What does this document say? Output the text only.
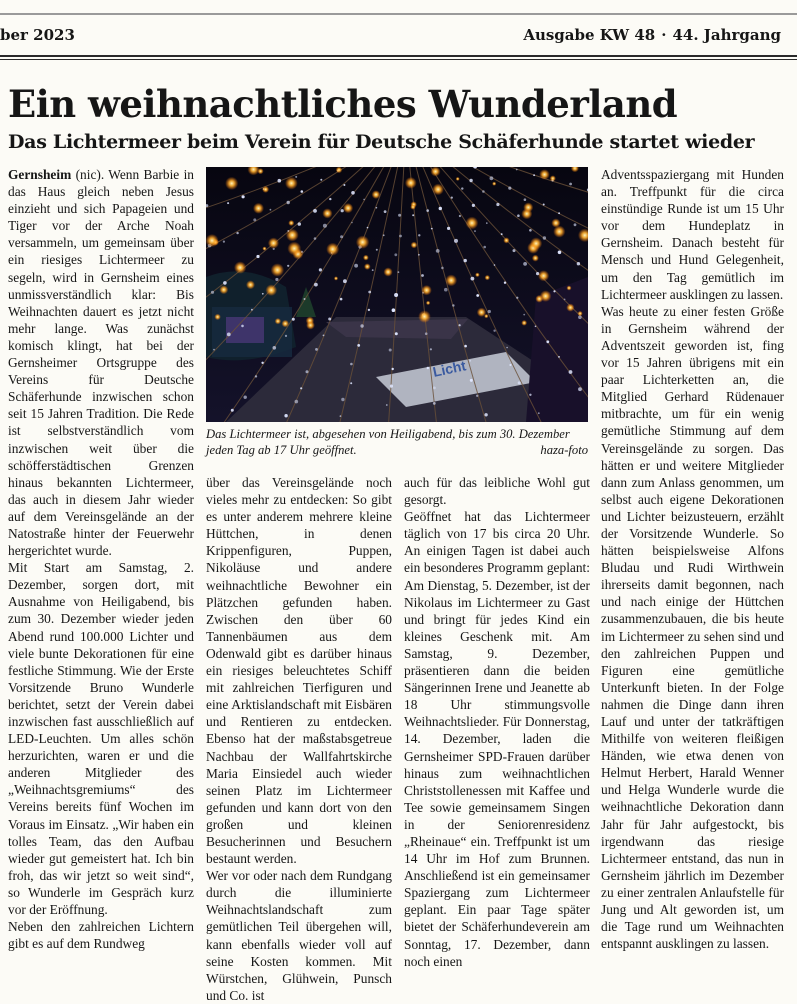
ber 2023	Ausgabe KW 48 · 44. Jahrgang
Ein weihnachtliches Wunderland
Das Lichtermeer beim Verein für Deutsche Schäferhunde startet wieder

Gernsheim (nic). Wenn Barbie in das Haus gleich neben Jesus einzieht und sich Papageien und Tiger vor der Arche Noah versammeln, um gemeinsam über ein riesiges Lichtermeer zu segeln, wird in Gernsheim eines unmissverständlich klar: Bis Weihnachten dauert es jetzt nicht mehr lange. Was zunächst komisch klingt, hat bei der Gernsheimer Ortsgruppe des Vereins für Deutsche Schäferhunde inzwischen schon seit 15 Jahren Tradition. Die Rede ist selbstverständlich vom inzwischen weit über die schöfferstädtischen Grenzen hinaus bekannten Lichtermeer, das auch in diesem Jahr wieder auf dem Vereinsgelände an der Natostraße hinter der Feuerwehr hergerichtet wurde.

Mit Start am Samstag, 2. Dezember, sorgen dort, mit Ausnahme von Heiligabend, bis zum 30. Dezember wieder jeden Abend rund 100.000 Lichter und viele bunte Dekorationen für eine festliche Stimmung. Wie der Erste Vorsitzende Bruno Wunderle berichtet, setzt der Verein dabei inzwischen fast ausschließlich auf LED-Leuchten. Um alles schön herzurichten, waren er und die anderen Mitglieder des „Weihnachtsgremiums“ des Vereins bereits fünf Wochen im Voraus im Einsatz. „Wir haben ein tolles Team, das den Aufbau wieder gut gemeistert hat. Ich bin froh, das wir jetzt so weit sind“, so Wunderle im Gespräch kurz vor der Eröffnung.

Neben den zahlreichen Lichtern gibt es auf dem Rundweg

Licht
Das Lichtermeer ist, abgesehen von Heiligabend, bis zum 30. Dezember jeden Tag ab 17 Uhr geöffnet.	haza-foto

über das Vereinsgelände noch vieles mehr zu entdecken: So gibt es unter anderem mehrere kleine Hüttchen, in denen Krippenfiguren, Puppen, Nikoläuse und andere weihnachtliche Bewohner ein Plätzchen gefunden haben. Zwischen den über 60 Tannenbäumen aus dem Odenwald gibt es darüber hinaus ein riesiges beleuchtetes Schiff mit zahlreichen Tierfiguren und eine Arktislandschaft mit Eisbären und Rentieren zu entdecken. Ebenso hat der maßstabsgetreue Nachbau der Wallfahrtskirche Maria Einsiedel auch wieder seinen Platz im Lichtermeer gefunden und kann dort von den großen und kleinen Besucherinnen und Besuchern bestaunt werden.

Wer vor oder nach dem Rundgang durch die illuminierte Weihnachtslandschaft zum gemütlichen Teil übergehen will, kann ebenfalls wieder voll auf seine Kosten kommen. Mit Würstchen, Glühwein, Punsch und Co. ist

auch für das leibliche Wohl gut gesorgt.

Geöffnet hat das Lichtermeer täglich von 17 bis circa 20 Uhr. An einigen Tagen ist dabei auch ein besonderes Programm geplant: Am Dienstag, 5. Dezember, ist der Nikolaus im Lichtermeer zu Gast und bringt für jedes Kind ein kleines Geschenk mit. Am Samstag, 9. Dezember, präsentieren dann die beiden Sängerinnen Irene und Jeanette ab 18 Uhr stimmungsvolle Weihnachtslieder. Für Donnerstag, 14. Dezember, laden die Gernsheimer SPD-Frauen darüber hinaus zum weihnachtlichen Christstollenessen mit Kaffee und Tee sowie gemeinsamem Singen in der Seniorenresidenz „Rheinaue“ ein. Treffpunkt ist um 14 Uhr im Hof zum Brunnen. Anschließend ist ein gemeinsamer Spaziergang zum Lichtermeer geplant. Ein paar Tage später bietet der Schäferhundeverein am Sonntag, 17. Dezember, dann noch einen

Adventsspaziergang mit Hunden an. Treffpunkt für die circa einstündige Runde ist um 15 Uhr vor dem Hundeplatz in Gernsheim. Danach besteht für Mensch und Hund Gelegenheit, um den Tag gemütlich im Lichtermeer ausklingen zu lassen.

Was heute zu einer festen Größe in Gernsheim während der Adventszeit geworden ist, fing vor 15 Jahren übrigens mit ein paar Lichterketten an, die Mitglied Gerhard Rüdenauer mitbrachte, um für ein wenig gemütliche Stimmung auf dem Vereinsgelände zu sorgen. Das hätten er und weitere Mitglieder dann zum Anlass genommen, um selbst auch eigene Dekorationen und Lichter beizusteuern, erzählt der Vorsitzende Wunderle. So hätten beispielsweise Alfons Bludau und Rudi Wirthwein ihrerseits damit begonnen, nach und nach einige der Hüttchen zusammenzubauen, die bis heute im Lichtermeer zu sehen sind und den zahlreichen Puppen und Figuren eine gemütliche Unterkunft bieten. In der Folge nahmen die Dinge dann ihren Lauf und unter der tatkräftigen Mithilfe von weiteren fleißigen Händen, wie etwa denen von Helmut Herbert, Harald Wenner und Helga Wunderle wurde die weihnachtliche Dekoration dann Jahr für Jahr aufgestockt, bis irgendwann das riesige Lichtermeer entstand, das nun in Gernsheim jährlich im Dezember zu einer zentralen Anlaufstelle für Jung und Alt geworden ist, um die Tage rund um Weihnachten entspannt ausklingen zu lassen.
